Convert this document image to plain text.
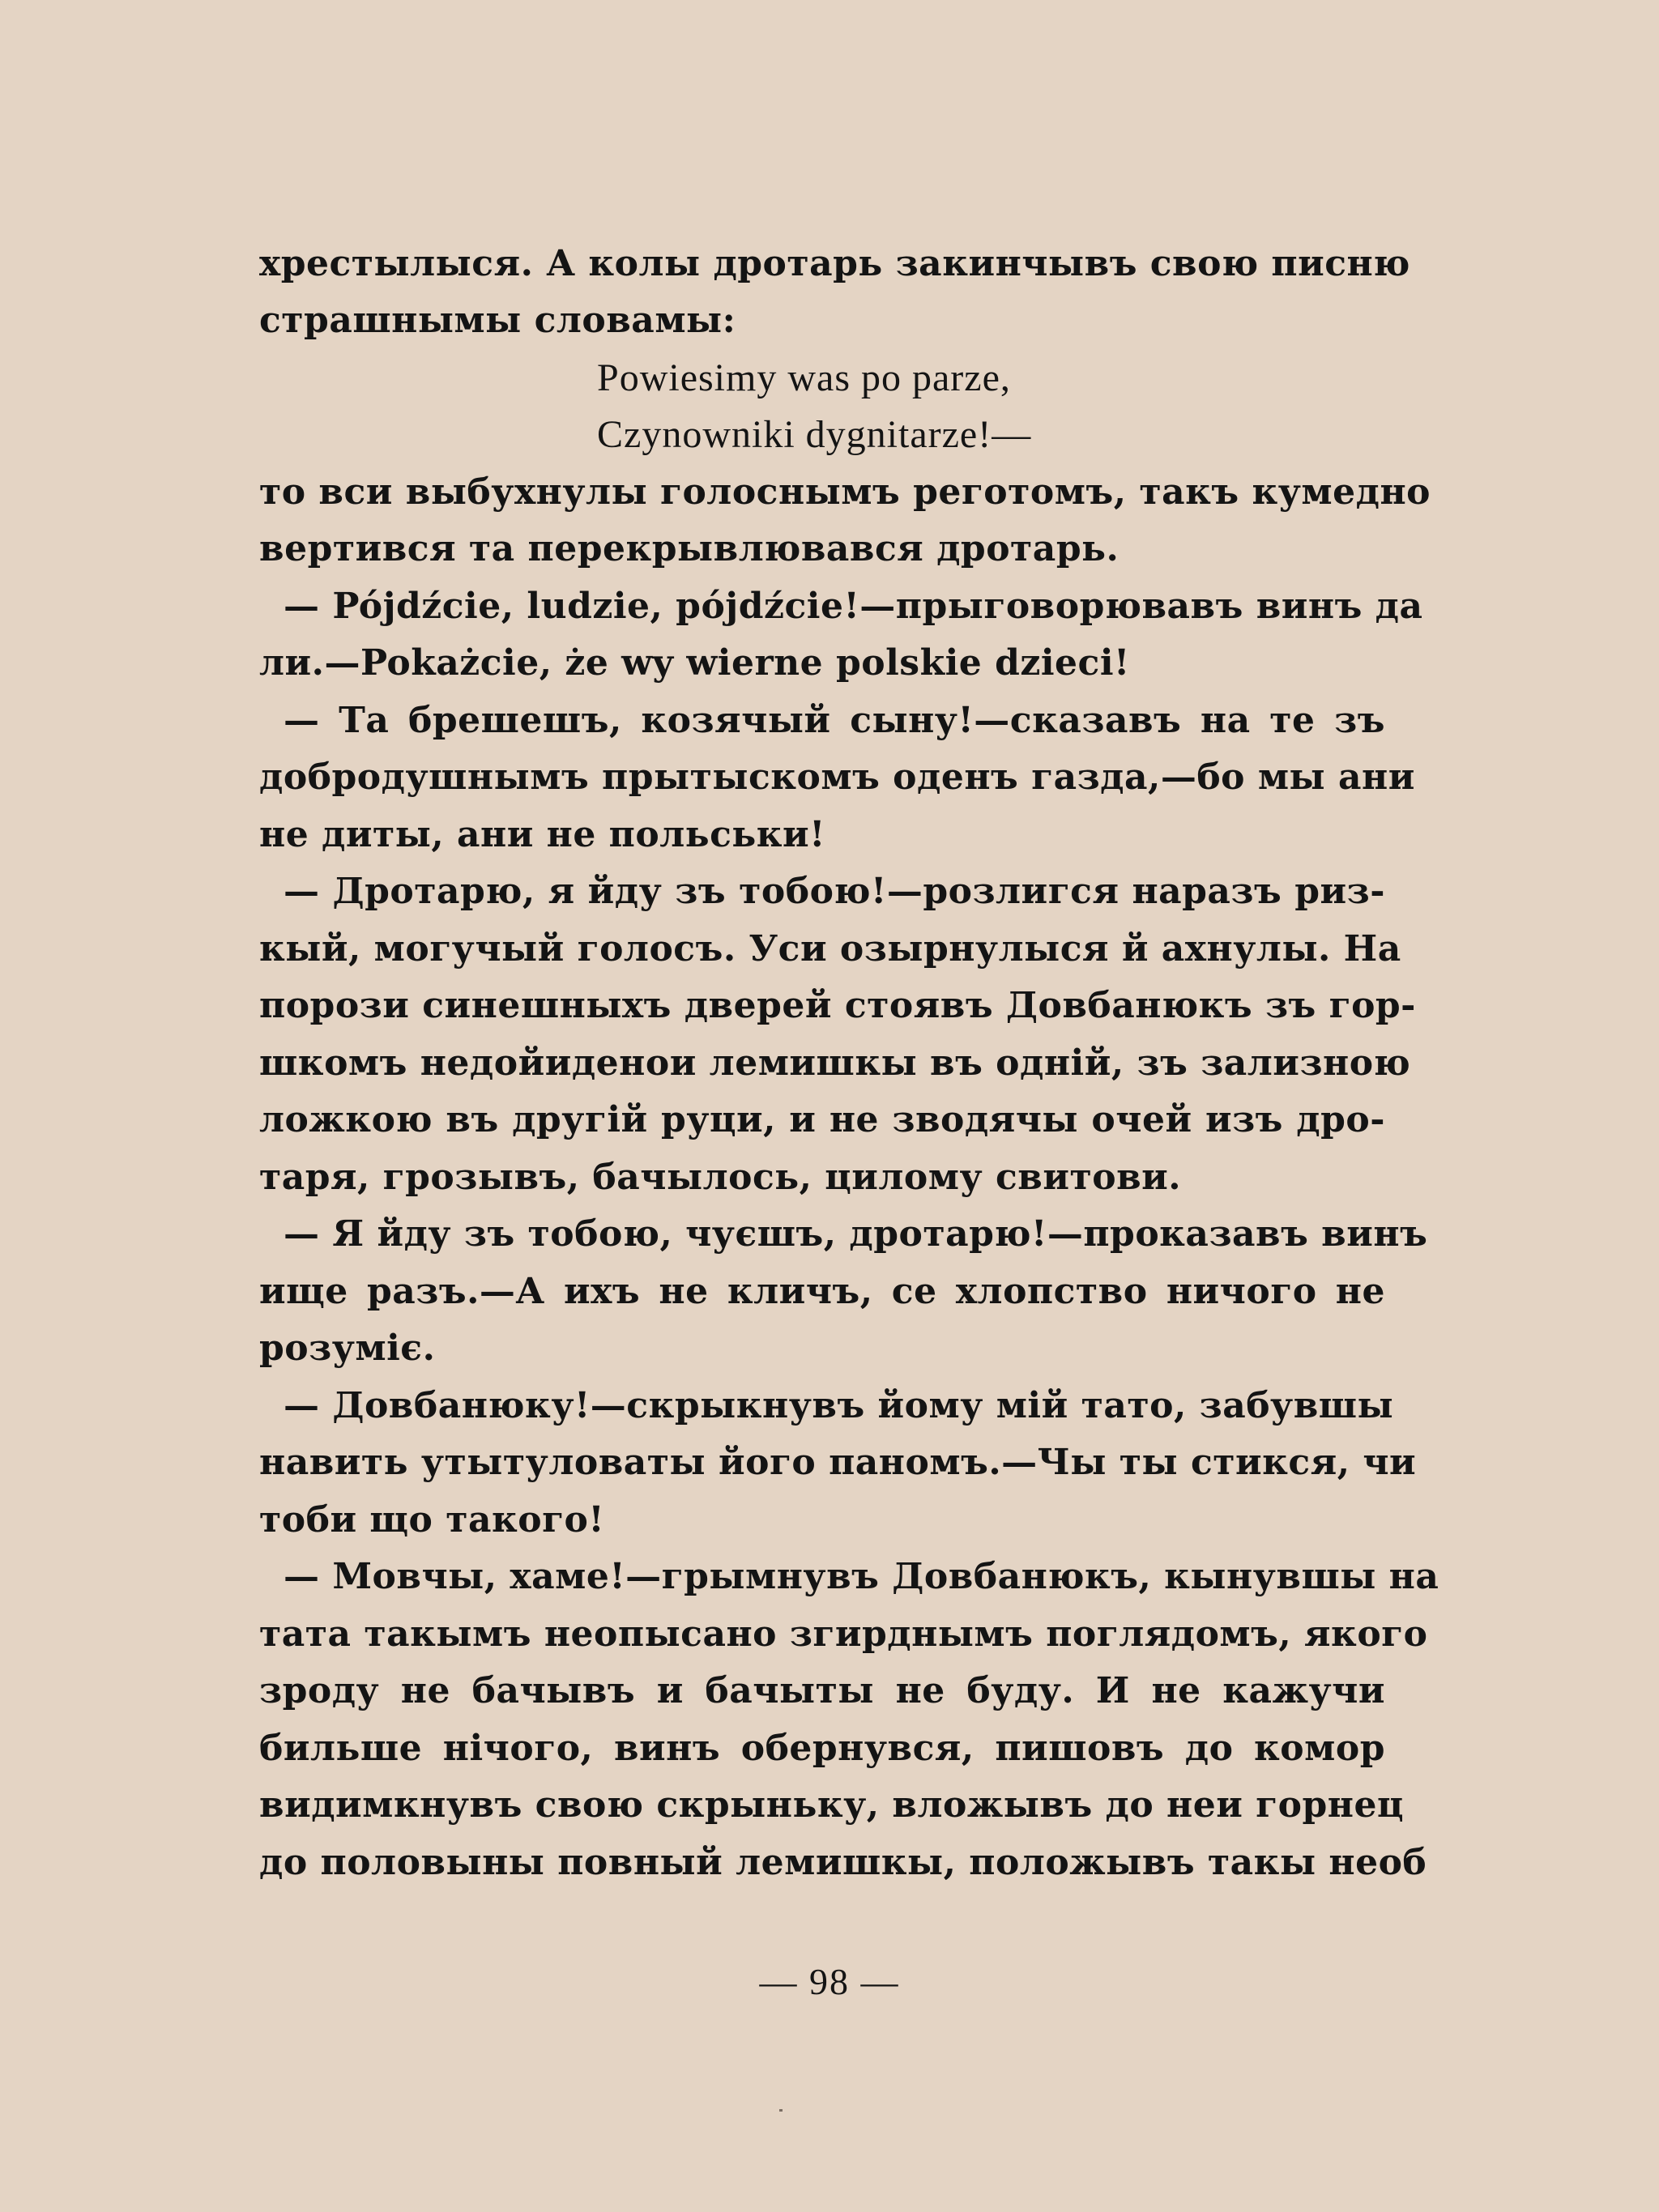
хрестылыся. А колы дротарь закинчывъ свою писню
страшнымы словамы:
Powiesimy was po parze,
Czynowniki dygnitarze!—
то вси выбухнулы голоснымъ реготомъ, такъ кумедно
вертився та перекрывлювався дротарь.
— Pójdźcie, ludzie, pójdźcie!—прыговорювавъ винъ да
ли.—Pokażcie, że wy wierne polskie dzieci!
— Та брешешъ, козячый сыну!—сказавъ на те зъ
добродушнымъ прытыскомъ оденъ газда,—бо мы ани
не диты, ани не польськи!
— Дротарю, я йду зъ тобою!—розлигся наразъ риз-
кый, могучый голосъ. Уси озырнулыся й ахнулы. На
порози синешныхъ дверей стоявъ Довбанюкъ зъ гор-
шкомъ недойиденои лемишкы въ одній, зъ зализною
ложкою въ другій руци, и не зводячы очей изъ дро-
таря, грозывъ, бачылось, цилому свитови.
— Я йду зъ тобою, чуєшъ, дротарю!—проказавъ винъ
ище разъ.—А ихъ не кличъ, се хлопство ничого не
розуміє.
— Довбанюку!—скрыкнувъ йому мій тато, забувшы
навить утытуловаты його паномъ.—Чы ты стикся, чи
тоби що такого!
— Мовчы, хаме!—грымнувъ Довбанюкъ, кынувшы на
тата такымъ неопысано згирднымъ поглядомъ, якого
зроду не бачывъ и бачыты не буду. И не кажучи
бильше нічого, винъ обернувся, пишовъ до комор
видимкнувъ свою скрыньку, вложывъ до неи горнец
до половыны повный лемишкы, положывъ такы необ
— 98 —
